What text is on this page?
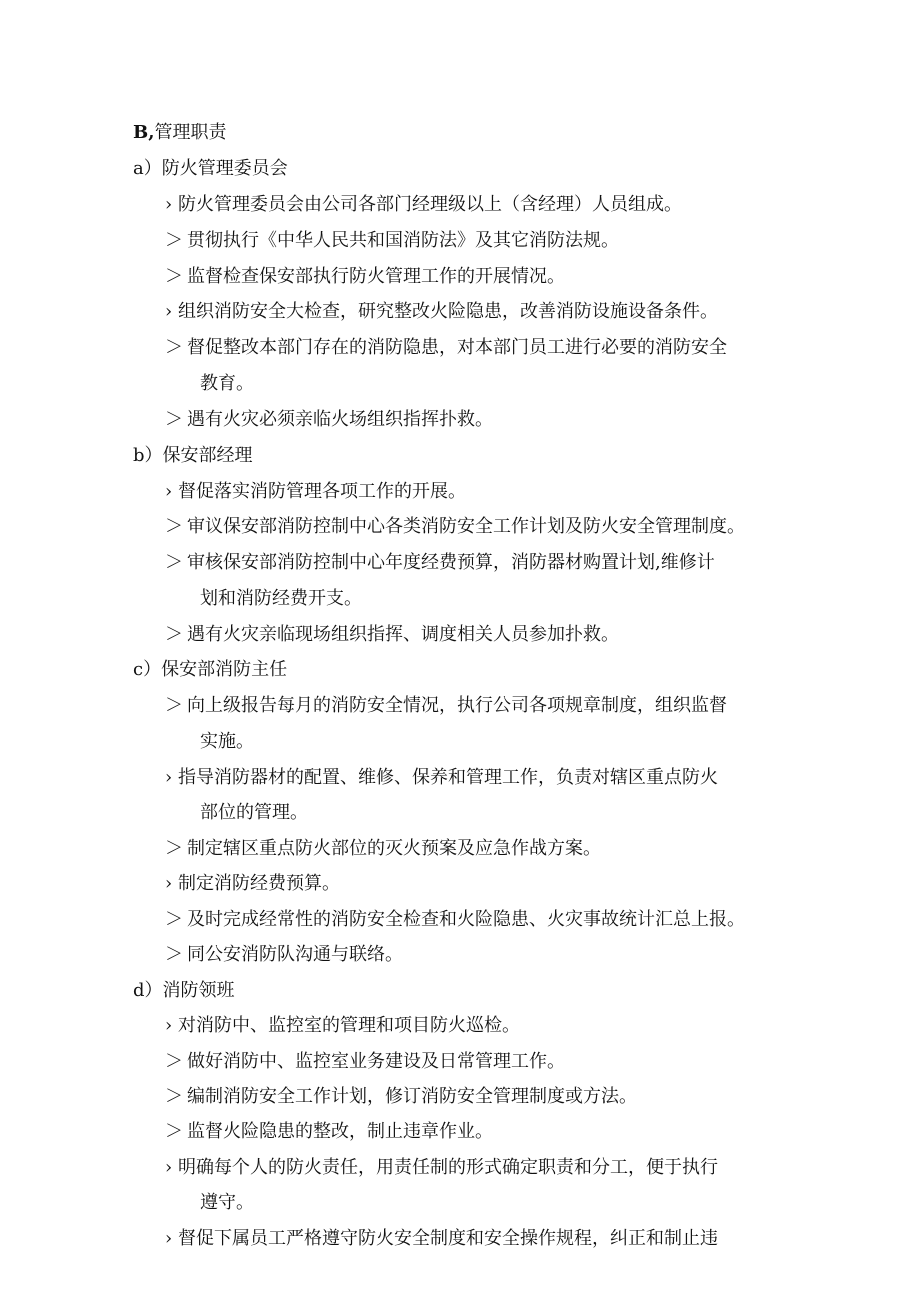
B,管理职责
a）防火管理委员会
› 防火管理委员会由公司各部门经理级以上（含经理）人员组成。
＞ 贯彻执行《中华人民共和国消防法》及其它消防法规。
＞ 监督检查保安部执行防火管理工作的开展情况。
› 组织消防安全大检查，研究整改火险隐患，改善消防设施设备条件。
＞ 督促整改本部门存在的消防隐患，对本部门员工进行必要的消防安全
教育。
＞ 遇有火灾必须亲临火场组织指挥扑救。
b）保安部经理
› 督促落实消防管理各项工作的开展。
＞ 审议保安部消防控制中心各类消防安全工作计划及防火安全管理制度。
＞ 审核保安部消防控制中心年度经费预算，消防器材购置计划,维修计
划和消防经费开支。
＞ 遇有火灾亲临现场组织指挥、调度相关人员参加扑救。
c）保安部消防主任
＞ 向上级报告每月的消防安全情况，执行公司各项规章制度，组织监督
实施。
› 指导消防器材的配置、维修、保养和管理工作，负责对辖区重点防火
部位的管理。
＞ 制定辖区重点防火部位的灭火预案及应急作战方案。
› 制定消防经费预算。
＞ 及时完成经常性的消防安全检查和火险隐患、火灾事故统计汇总上报。
＞ 同公安消防队沟通与联络。
d）消防领班
› 对消防中、监控室的管理和项目防火巡检。
＞ 做好消防中、监控室业务建设及日常管理工作。
＞ 编制消防安全工作计划，修订消防安全管理制度或方法。
＞ 监督火险隐患的整改，制止违章作业。
› 明确每个人的防火责任，用责任制的形式确定职责和分工，便于执行
遵守。
› 督促下属员工严格遵守防火安全制度和安全操作规程，纠正和制止违
